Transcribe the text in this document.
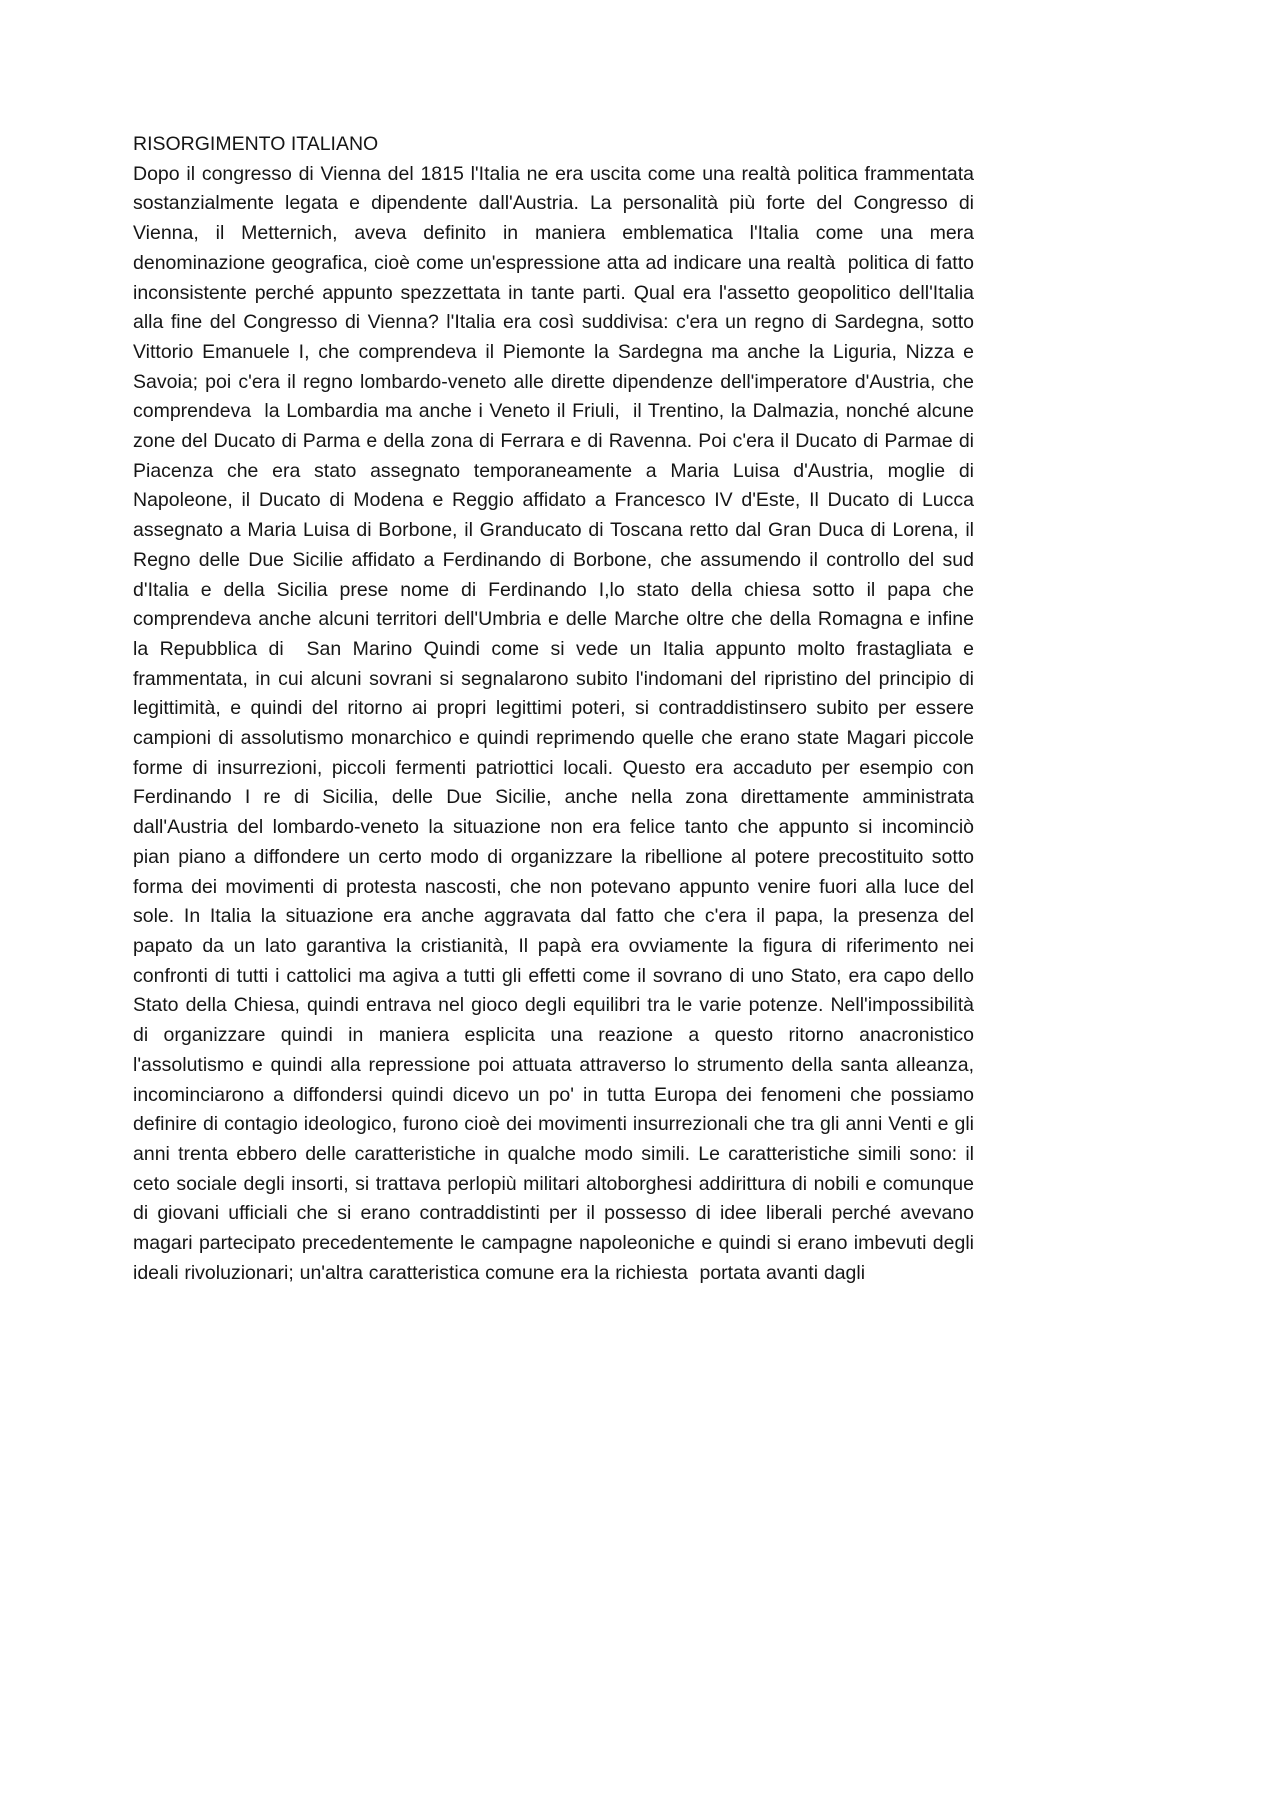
RISORGIMENTO ITALIANO

Dopo il congresso di Vienna del 1815 l'Italia ne era uscita come una realtà politica frammentata sostanzialmente legata e dipendente dall'Austria. La personalità più forte del Congresso di Vienna, il Metternich, aveva definito in maniera emblematica l'Italia come una mera denominazione geografica, cioè come un'espressione atta ad indicare una realtà  politica di fatto inconsistente perché appunto spezzettata in tante parti. Qual era l'assetto geopolitico dell'Italia alla fine del Congresso di Vienna? l'Italia era così suddivisa: c'era un regno di Sardegna, sotto Vittorio Emanuele I, che comprendeva il Piemonte la Sardegna ma anche la Liguria, Nizza e Savoia; poi c'era il regno lombardo-veneto alle dirette dipendenze dell'imperatore d'Austria, che comprendeva  la Lombardia ma anche i Veneto il Friuli,  il Trentino, la Dalmazia, nonché alcune zone del Ducato di Parma e della zona di Ferrara e di Ravenna. Poi c'era il Ducato di Parmae di Piacenza che era stato assegnato temporaneamente a Maria Luisa d'Austria, moglie di Napoleone, il Ducato di Modena e Reggio affidato a Francesco IV d'Este, Il Ducato di Lucca assegnato a Maria Luisa di Borbone, il Granducato di Toscana retto dal Gran Duca di Lorena, il Regno delle Due Sicilie affidato a Ferdinando di Borbone, che assumendo il controllo del sud d'Italia e della Sicilia prese nome di Ferdinando I,lo stato della chiesa sotto il papa che comprendeva anche alcuni territori dell'Umbria e delle Marche oltre che della Romagna e infine la Repubblica di  San Marino Quindi come si vede un Italia appunto molto frastagliata e frammentata, in cui alcuni sovrani si segnalarono subito l'indomani del ripristino del principio di legittimità, e quindi del ritorno ai propri legittimi poteri, si contraddistinsero subito per essere campioni di assolutismo monarchico e quindi reprimendo quelle che erano state Magari piccole forme di insurrezioni, piccoli fermenti patriottici locali. Questo era accaduto per esempio con Ferdinando I re di Sicilia, delle Due Sicilie, anche nella zona direttamente amministrata dall'Austria del lombardo-veneto la situazione non era felice tanto che appunto si incominciò  pian piano a diffondere un certo modo di organizzare la ribellione al potere precostituito sotto forma dei movimenti di protesta nascosti, che non potevano appunto venire fuori alla luce del sole. In Italia la situazione era anche aggravata dal fatto che c'era il papa, la presenza del papato da un lato garantiva la cristianità, Il papà era ovviamente la figura di riferimento nei confronti di tutti i cattolici ma agiva a tutti gli effetti come il sovrano di uno Stato, era capo dello Stato della Chiesa, quindi entrava nel gioco degli equilibri tra le varie potenze. Nell'impossibilità di organizzare quindi in maniera esplicita una reazione a questo ritorno anacronistico l'assolutismo e quindi alla repressione poi attuata attraverso lo strumento della santa alleanza, incominciarono a diffondersi quindi dicevo un po' in tutta Europa dei fenomeni che possiamo definire di contagio ideologico, furono cioè dei movimenti insurrezionali che tra gli anni Venti e gli anni trenta ebbero delle caratteristiche in qualche modo simili. Le caratteristiche simili sono: il ceto sociale degli insorti, si trattava perlopiù militari altoborghesi addirittura di nobili e comunque di giovani ufficiali che si erano contraddistinti per il possesso di idee liberali perché avevano magari partecipato precedentemente le campagne napoleoniche e quindi si erano imbevuti degli ideali rivoluzionari; un'altra caratteristica comune era la richiesta  portata avanti dagli
